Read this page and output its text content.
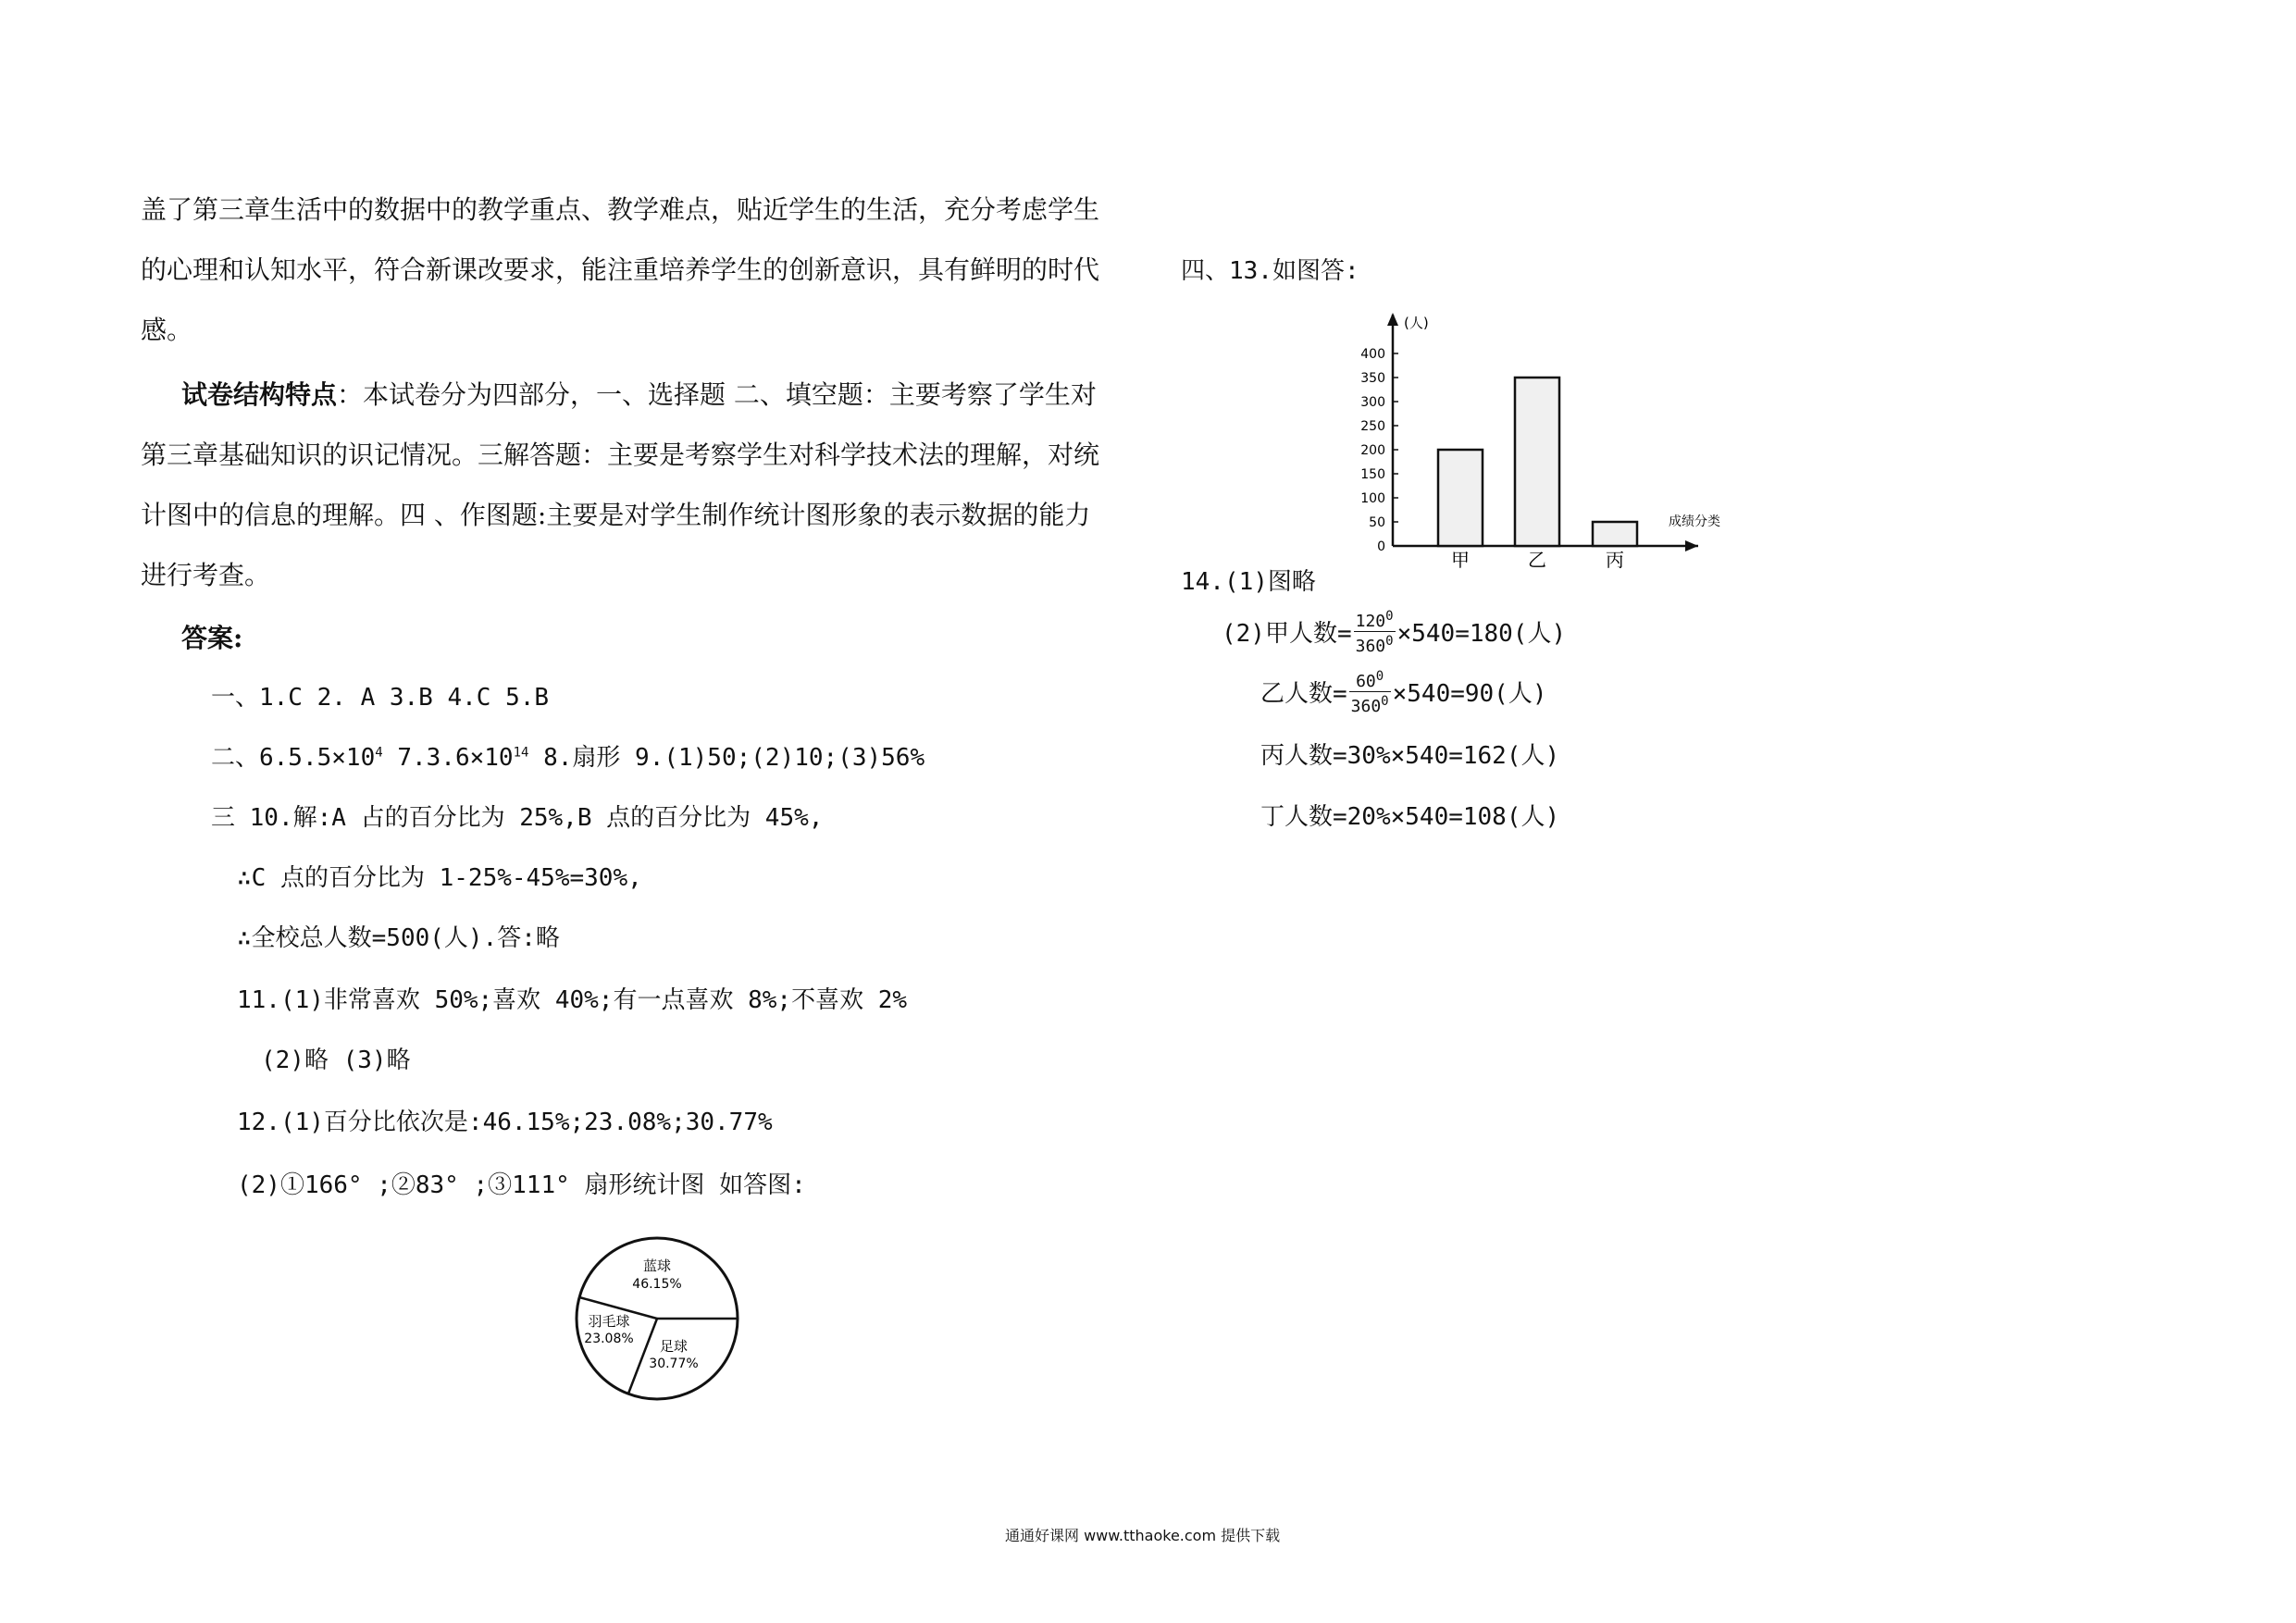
盖了第三章生活中的数据中的教学重点、教学难点，贴近学生的生活，充分考虑学生
的心理和认知水平，符合新课改要求，能注重培养学生的创新意识，具有鲜明的时代
感。
试卷结构特点：本试卷分为四部分，一、选择题 二、填空题：主要考察了学生对
第三章基础知识的识记情况。三解答题：主要是考察学生对科学技术法的理解，对统
计图中的信息的理解。四 、作图题:主要是对学生制作统计图形象的表示数据的能力
进行考查。
答案:
一、1.C 2. A 3.B 4.C 5.B
二、$6.5.5\times 10^4$ $7.3.6\times 10^{14}$ 8.扇形 9.(1)50;(2)10;(3)56%
三 10.解:A 占的百分比为 25%,B 点的百分比为 45%,
∴C 点的百分比为 1-25%-45%=30%,
∴全校总人数=500(人).答:略
11.(1)非常喜欢 50%;喜欢 40%;有一点喜欢 8%;不喜欢 2%
(2)略 (3)略
12.(1)百分比依次是:46.15%;23.08%;30.77%
(2)①166° ;②83° ;③111° 扇形统计图 如答图:
蓝球
46.15%
羽毛球
23.08% 足球
30.77%
四、13.如图答:
0
50
100
150
200
250
300
350
400
甲	乙	丙
(人)
成绩分类
14.(1)图略
(2)甲人数= $\frac{120^0}{360^0} \times 540=180$(人)
乙人数= $\frac{60^0}{360^0} \times 540=90$(人)
丙人数=30%×540=162(人)
丁人数=20%×540=108(人)
通通好课网 www.tthaoke.com 提供下载
